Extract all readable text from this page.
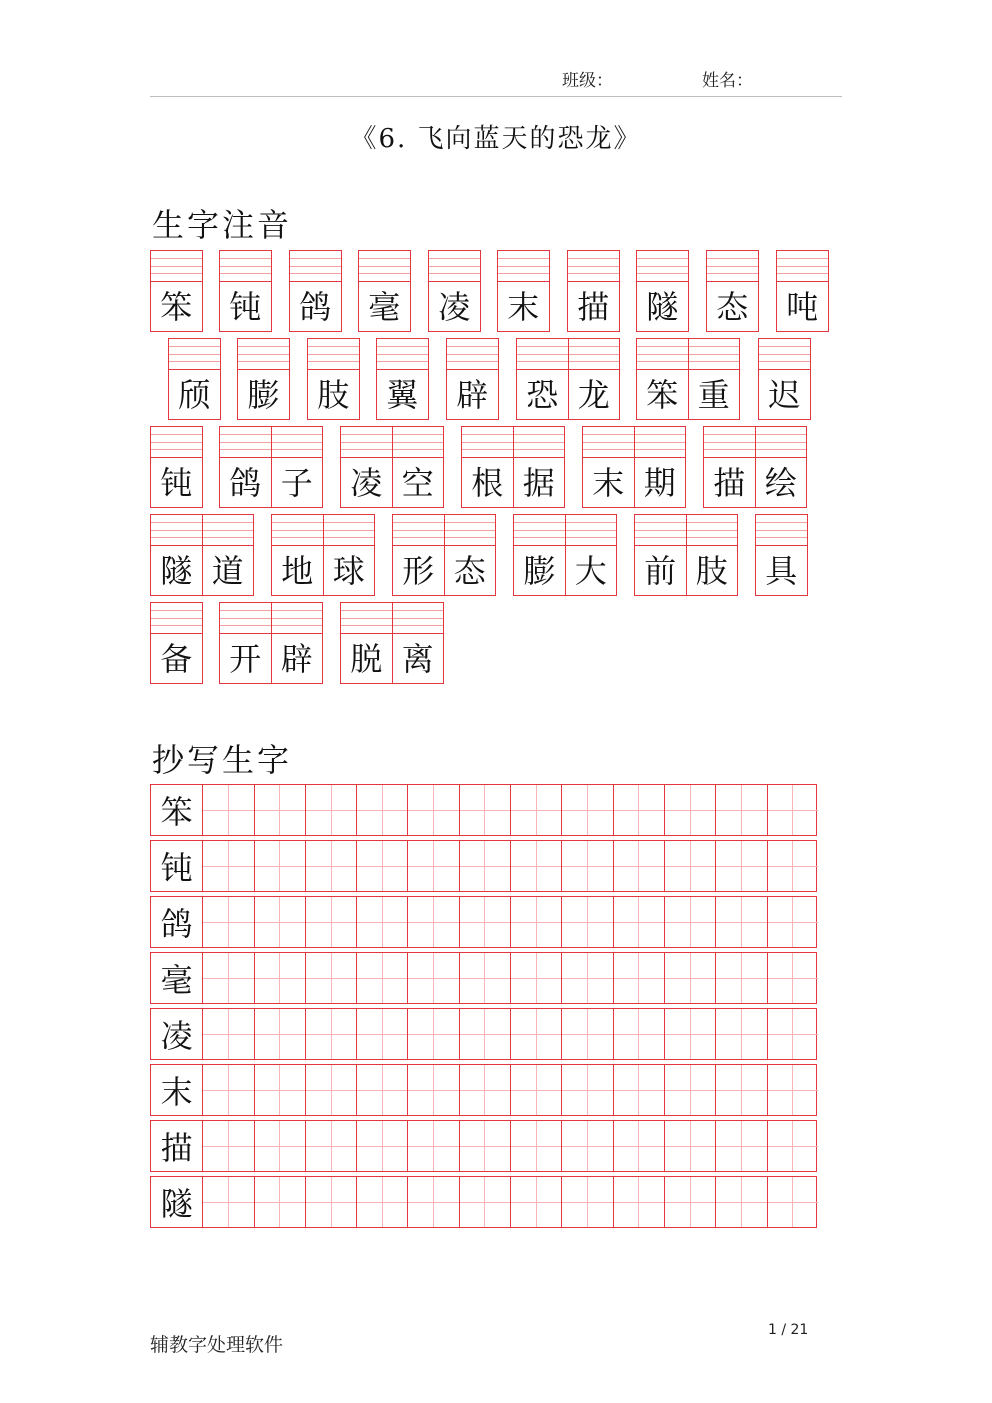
班级：	姓名：
《6. 飞向蓝天的恐龙》
生字注音
笨 钝 鸽 毫 凌 末 描 隧 态 吨
颀 膨 肢 翼 辟 恐 龙 笨 重 迟
钝 鸽 子 凌 空 根 据 末 期 描 绘
隧 道 地 球 形 态 膨 大 前 肢 具
备 开 辟 脱 离
抄写生字
笨
钝
鸽
毫
凌
末
描
隧
辅教字处理软件
1 / 21
